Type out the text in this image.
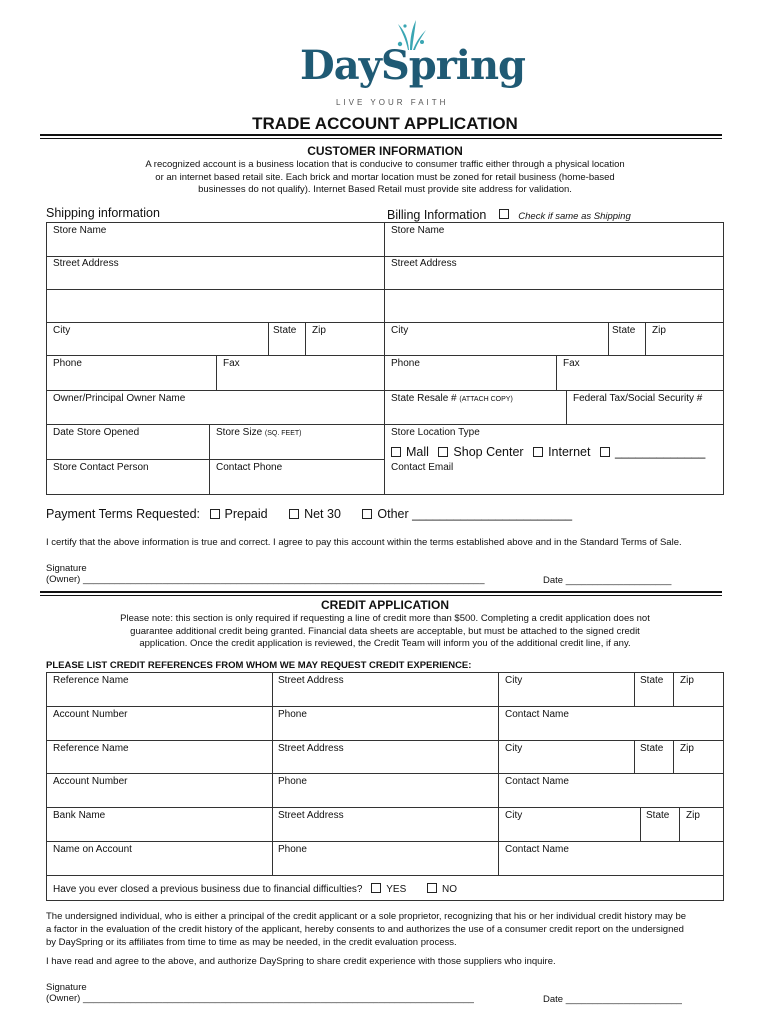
DaySpring
LIVE YOUR FAITH
TRADE ACCOUNT APPLICATION
CUSTOMER INFORMATION
A recognized account is a business location that is conducive to consumer traffic either through a physical location
or an internet based retail site. Each brick and mortar location must be zoned for retail business (home-based
businesses do not qualify). Internet Based Retail must provide site address for validation.
Shipping information	Billing Information	Check if same as Shipping
Store Name	Store Name
Street Address	Street Address
City	State Zip	City	State Zip
Phone	Fax	Phone	Fax
Owner/Principal Owner Name	State Resale # (ATTACH COPY)	Federal Tax/Social Security #
Date Store Opened	Store Size (SQ. FEET)	Store Location Type
Mall Shop Center Internet _____________
Store Contact Person	Contact Phone	Contact Email
Payment Terms Requested: Prepaid	Net 30	Other _______________________
I certify that the above information is true and correct. I agree to pay this account within the terms established above and in the Standard Terms of Sale.
Signature
(Owner) ____________________________________________________________________________	Date ____________________
CREDIT APPLICATION
Please note: this section is only required if requesting a line of credit more than $500. Completing a credit application does not
guarantee additional credit being granted. Financial data sheets are acceptable, but must be attached to the signed credit
application. Once the credit application is reviewed, the Credit Team will inform you of the additional credit line, if any.
PLEASE LIST CREDIT REFERENCES FROM WHOM WE MAY REQUEST CREDIT EXPERIENCE:
Reference Name	Street Address	City	State Zip
Account Number	Phone	Contact Name
Reference Name	Street Address	City	State Zip
Account Number	Phone	Contact Name
Bank Name	Street Address	City	State Zip
Name on Account	Phone	Contact Name
Have you ever closed a previous business due to financial difficulties? YES	NO
The undersigned individual, who is either a principal of the credit applicant or a sole proprietor, recognizing that his or her individual credit history may be
a factor in the evaluation of the credit history of the applicant, hereby consents to and authorizes the use of a consumer credit report on the undersigned
by DaySpring or its affiliates from time to time as may be needed, in the credit evaluation process.
I have read and agree to the above, and authorize DaySpring to share credit experience with those suppliers who inquire.
Signature
(Owner) __________________________________________________________________________	Date ______________________
